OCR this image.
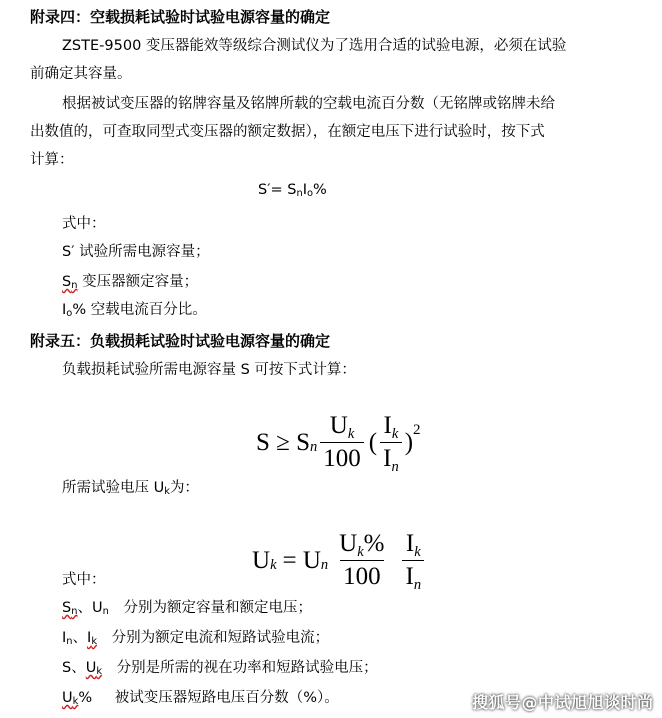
附录四：空载损耗试验时试验电源容量的确定
ZSTE-9500 变压器能效等级综合测试仪为了选用合适的试验电源，必须在试验
前确定其容量。
根据被试变压器的铭牌容量及铭牌所载的空载电流百分数（无铭牌或铭牌未给
出数值的，可查取同型式变压器的额定数据），在额定电压下进行试验时，按下式
计算：
S′= SnIo%
式中：
S′ 试验所需电源容量；
Sn 变压器额定容量；
Io% 空载电流百分比。
附录五：负载损耗试验时试验电源容量的确定
负载损耗试验所需电源容量 S 可按下式计算：
S ≥ S n $\frac{U_k}{100}$ ( $\frac{I_k}{I_n}$ ) 2
所需试验电压 Uk为：
U k = U n $\frac{U_k\%}{100} \frac{I_k}{I_n}$
式中：
Sn、Un 分别为额定容量和额定电压；
In、Ik 分别为额定电流和短路试验电流；
S、Uk 分别是所需的视在功率和短路试验电压；
Uk% 被试变压器短路电压百分数（%）。	搜狐号@中试旭旭谈时尚
